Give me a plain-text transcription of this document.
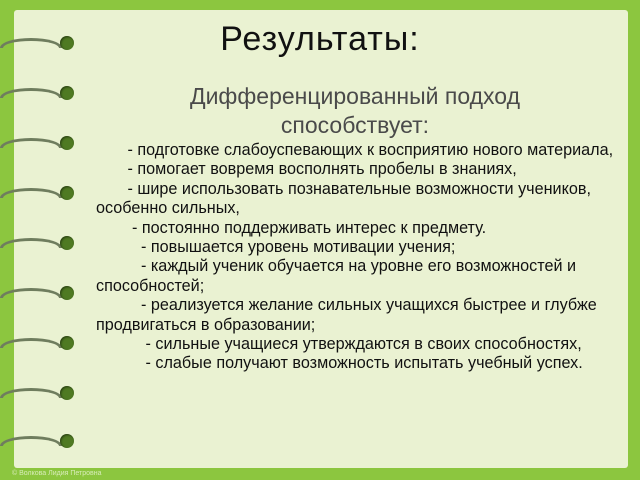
Результаты:
Дифференцированный подход способствует:

- подготовке слабоуспевающих к восприятию нового материала,

- помогает вовремя восполнять пробелы в знаниях,

- шире использовать познавательные возможности учеников, особенно сильных,

- постоянно поддерживать интерес к предмету.

- повышается уровень мотивации учения;

- каждый ученик обучается на уровне его возможностей и способностей;

- реализуется желание сильных учащихся быстрее и глубже продвигаться в образовании;

- сильные учащиеся утверждаются в своих способностях,

- слабые получают возможность испытать учебный успех.

© Волкова Лидия Петровна
